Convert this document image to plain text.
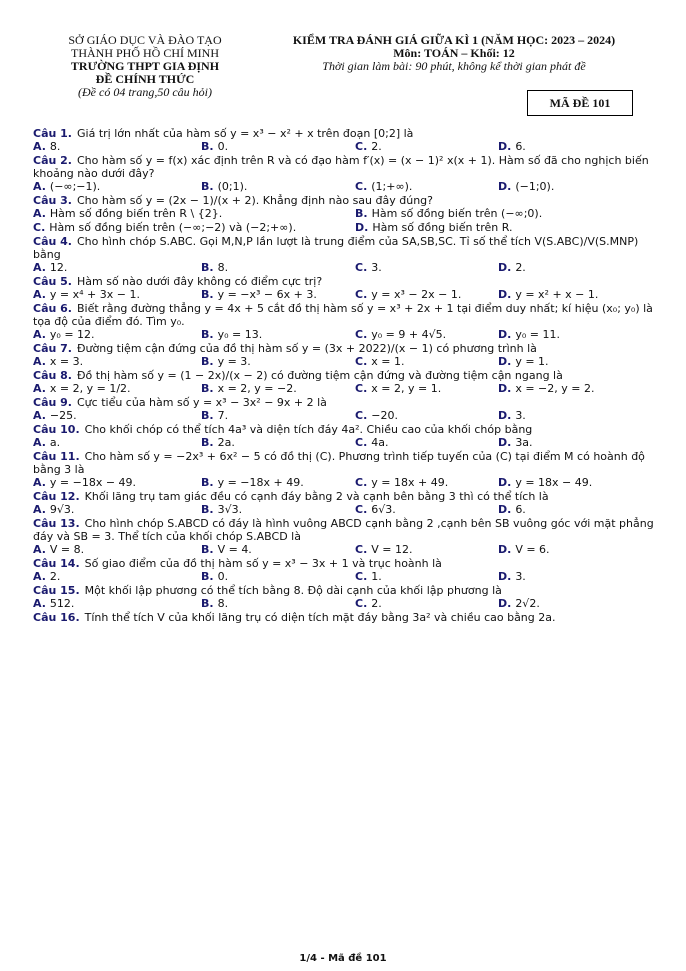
SỞ GIÁO DỤC VÀ ĐÀO TẠO
THÀNH PHỐ HỒ CHÍ MINH
TRƯỜNG THPT GIA ĐỊNH
ĐỀ CHÍNH THỨC
(Đề có 04 trang,50 câu hỏi)
KIỂM TRA ĐÁNH GIÁ GIỮA KÌ 1 (NĂM HỌC: 2023 – 2024)
Môn: TOÁN – Khối: 12
Thời gian làm bài: 90 phút, không kể thời gian phát đề
MÃ ĐỀ 101
Câu 1. Giá trị lớn nhất của hàm số y = x³ − x² + x trên đoạn [0;2] là
A. 8.	B. 0.	C. 2.	D. 6.
Câu 2. Cho hàm số y = f(x) xác định trên R và có đạo hàm f′(x) = (x − 1)² x(x + 1). Hàm số đã cho nghịch biến khoảng nào dưới đây?
A. (−∞;−1).	B. (0;1).	C. (1;+∞).	D. (−1;0).
Câu 3. Cho hàm số y = (2x − 1)/(x + 2). Khẳng định nào sau đây đúng?
A. Hàm số đồng biến trên R \ {2}.	B. Hàm số đồng biến trên (−∞;0).
C. Hàm số đồng biến trên (−∞;−2) và (−2;+∞).	D. Hàm số đồng biến trên R.
Câu 4. Cho hình chóp S.ABC. Gọi M,N,P lần lượt là trung điểm của SA,SB,SC. Tỉ số thể tích V(S.ABC)/V(S.MNP) bằng
A. 12.	B. 8.	C. 3.	D. 2.
Câu 5. Hàm số nào dưới đây không có điểm cực trị?
A. y = x⁴ + 3x − 1.	B. y = −x³ − 6x + 3.	C. y = x³ − 2x − 1.	D. y = x² + x − 1.
Câu 6. Biết rằng đường thẳng y = 4x + 5 cắt đồ thị hàm số y = x³ + 2x + 1 tại điểm duy nhất; kí hiệu (x₀; y₀) là tọa độ của điểm đó. Tìm y₀.
A. y₀ = 12.	B. y₀ = 13.	C. y₀ = 9 + 4√5.	D. y₀ = 11.
Câu 7. Đường tiệm cận đứng của đồ thị hàm số y = (3x + 2022)/(x − 1) có phương trình là
A. x = 3.	B. y = 3.	C. x = 1.	D. y = 1.
Câu 8. Đồ thị hàm số y = (1 − 2x)/(x − 2) có đường tiệm cận đứng và đường tiệm cận ngang là
A. x = 2, y = 1/2.	B. x = 2, y = −2.	C. x = 2, y = 1.	D. x = −2, y = 2.
Câu 9. Cực tiểu của hàm số y = x³ − 3x² − 9x + 2 là
A. −25.	B. 7.	C. −20.	D. 3.
Câu 10. Cho khối chóp có thể tích 4a³ và diện tích đáy 4a². Chiều cao của khối chóp bằng
A. a.	B. 2a.	C. 4a.	D. 3a.
Câu 11. Cho hàm số y = −2x³ + 6x² − 5 có đồ thị (C). Phương trình tiếp tuyến của (C) tại điểm M có hoành độ bằng 3 là
A. y = −18x − 49.	B. y = −18x + 49.	C. y = 18x + 49.	D. y = 18x − 49.
Câu 12. Khối lăng trụ tam giác đều có cạnh đáy bằng 2 và cạnh bên bằng 3 thì có thể tích là
A. 9√3.	B. 3√3.	C. 6√3.	D. 6.
Câu 13. Cho hình chóp S.ABCD có đáy là hình vuông ABCD cạnh bằng 2 ,cạnh bên SB vuông góc với mặt phẳng đáy và SB = 3. Thể tích của khối chóp S.ABCD là
A. V = 8.	B. V = 4.	C. V = 12.	D. V = 6.
Câu 14. Số giao điểm của đồ thị hàm số y = x³ − 3x + 1 và trục hoành là
A. 2.	B. 0.	C. 1.	D. 3.
Câu 15. Một khối lập phương có thể tích bằng 8. Độ dài cạnh của khối lập phương là
A. 512.	B. 8.	C. 2.	D. 2√2.
Câu 16. Tính thể tích V của khối lăng trụ có diện tích mặt đáy bằng 3a² và chiều cao bằng 2a.
1/4 - Mã đề 101
